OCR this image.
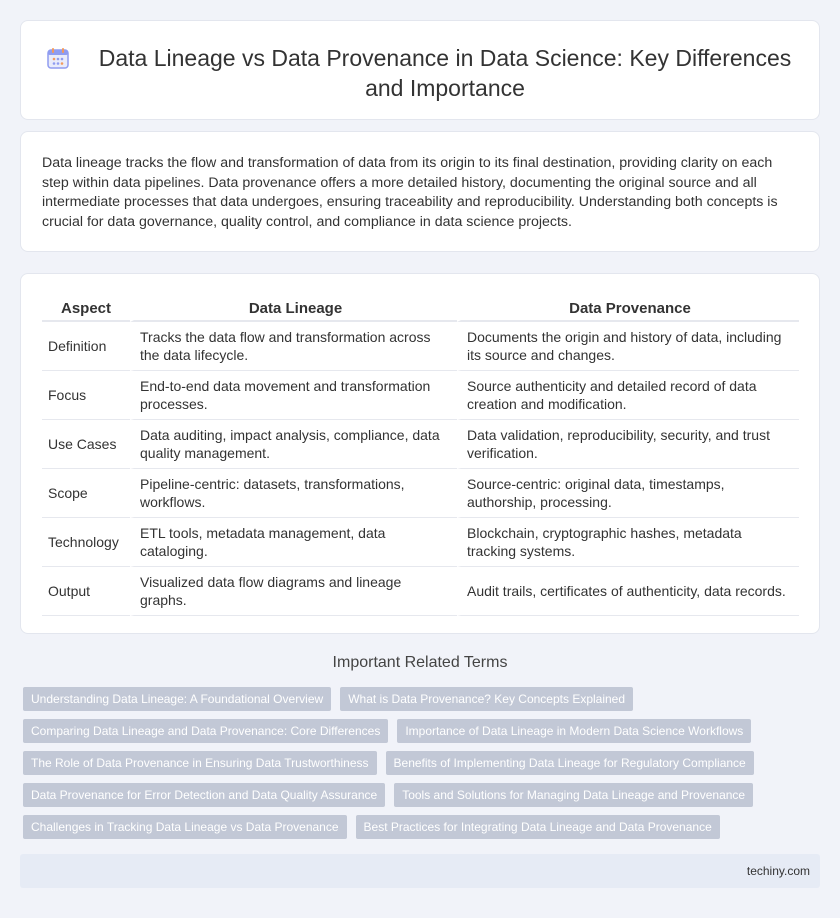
Data Lineage vs Data Provenance in Data Science: Key Differences and Importance

Data lineage tracks the flow and transformation of data from its origin to its final destination, providing clarity on each step within data pipelines. Data provenance offers a more detailed history, documenting the original source and all intermediate processes that data undergoes, ensuring traceability and reproducibility. Understanding both concepts is crucial for data governance, quality control, and compliance in data science projects.

Aspect	Data Lineage	Data Provenance
Definition	Tracks the data flow and transformation across the data lifecycle.	Documents the origin and history of data, including its source and changes.
Focus	End-to-end data movement and transformation processes.	Source authenticity and detailed record of data creation and modification.
Use Cases	Data auditing, impact analysis, compliance, data quality management.	Data validation, reproducibility, security, and trust verification.
Scope	Pipeline-centric: datasets, transformations, workflows.	Source-centric: original data, timestamps, authorship, processing.
Technology	ETL tools, metadata management, data cataloging.	Blockchain, cryptographic hashes, metadata tracking systems.
Output	Visualized data flow diagrams and lineage graphs.	Audit trails, certificates of authenticity, data records.
Important Related Terms
Understanding Data Lineage: A Foundational Overview	What is Data Provenance? Key Concepts Explained
Comparing Data Lineage and Data Provenance: Core Differences	Importance of Data Lineage in Modern Data Science Workflows
The Role of Data Provenance in Ensuring Data Trustworthiness	Benefits of Implementing Data Lineage for Regulatory Compliance
Data Provenance for Error Detection and Data Quality Assurance	Tools and Solutions for Managing Data Lineage and Provenance
Challenges in Tracking Data Lineage vs Data Provenance	Best Practices for Integrating Data Lineage and Data Provenance
techiny.com
